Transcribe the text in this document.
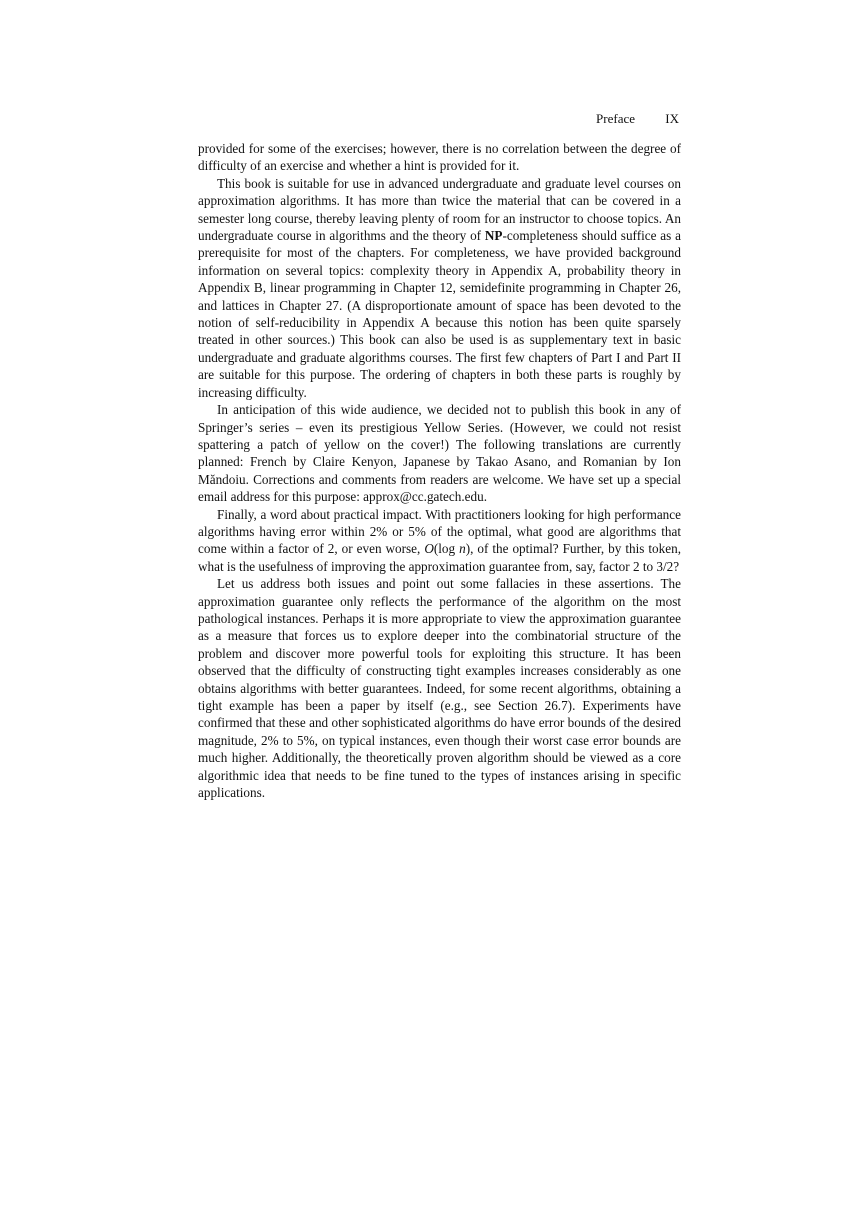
Preface IX

provided for some of the exercises; however, there is no correlation between the degree of difficulty of an exercise and whether a hint is provided for it.

This book is suitable for use in advanced undergraduate and graduate level courses on approximation algorithms. It has more than twice the material that can be covered in a semester long course, thereby leaving plenty of room for an instructor to choose topics. An undergraduate course in algorithms and the theory of NP-completeness should suffice as a prerequisite for most of the chapters. For completeness, we have provided background information on several topics: complexity theory in Appendix A, probability theory in Appendix B, linear programming in Chapter 12, semidefinite programming in Chapter 26, and lattices in Chapter 27. (A disproportionate amount of space has been devoted to the notion of self-reducibility in Appendix A because this notion has been quite sparsely treated in other sources.) This book can also be used is as supplementary text in basic undergraduate and graduate algorithms courses. The first few chapters of Part I and Part II are suitable for this purpose. The ordering of chapters in both these parts is roughly by increasing difficulty.

In anticipation of this wide audience, we decided not to publish this book in any of Springer’s series – even its prestigious Yellow Series. (However, we could not resist spattering a patch of yellow on the cover!) The following translations are currently planned: French by Claire Kenyon, Japanese by Takao Asano, and Romanian by Ion Măndoiu. Corrections and comments from readers are welcome. We have set up a special email address for this purpose: approx@cc.gatech.edu.

Finally, a word about practical impact. With practitioners looking for high performance algorithms having error within 2% or 5% of the optimal, what good are algorithms that come within a factor of 2, or even worse, O(log n), of the optimal? Further, by this token, what is the usefulness of improving the approximation guarantee from, say, factor 2 to 3/2?

Let us address both issues and point out some fallacies in these assertions. The approximation guarantee only reflects the performance of the algorithm on the most pathological instances. Perhaps it is more appropriate to view the approximation guarantee as a measure that forces us to explore deeper into the combinatorial structure of the problem and discover more powerful tools for exploiting this structure. It has been observed that the difficulty of constructing tight examples increases considerably as one obtains algorithms with better guarantees. Indeed, for some recent algorithms, obtaining a tight example has been a paper by itself (e.g., see Section 26.7). Experiments have confirmed that these and other sophisticated algorithms do have error bounds of the desired magnitude, 2% to 5%, on typical instances, even though their worst case error bounds are much higher. Additionally, the theoretically proven algorithm should be viewed as a core algorithmic idea that needs to be fine tuned to the types of instances arising in specific applications.
